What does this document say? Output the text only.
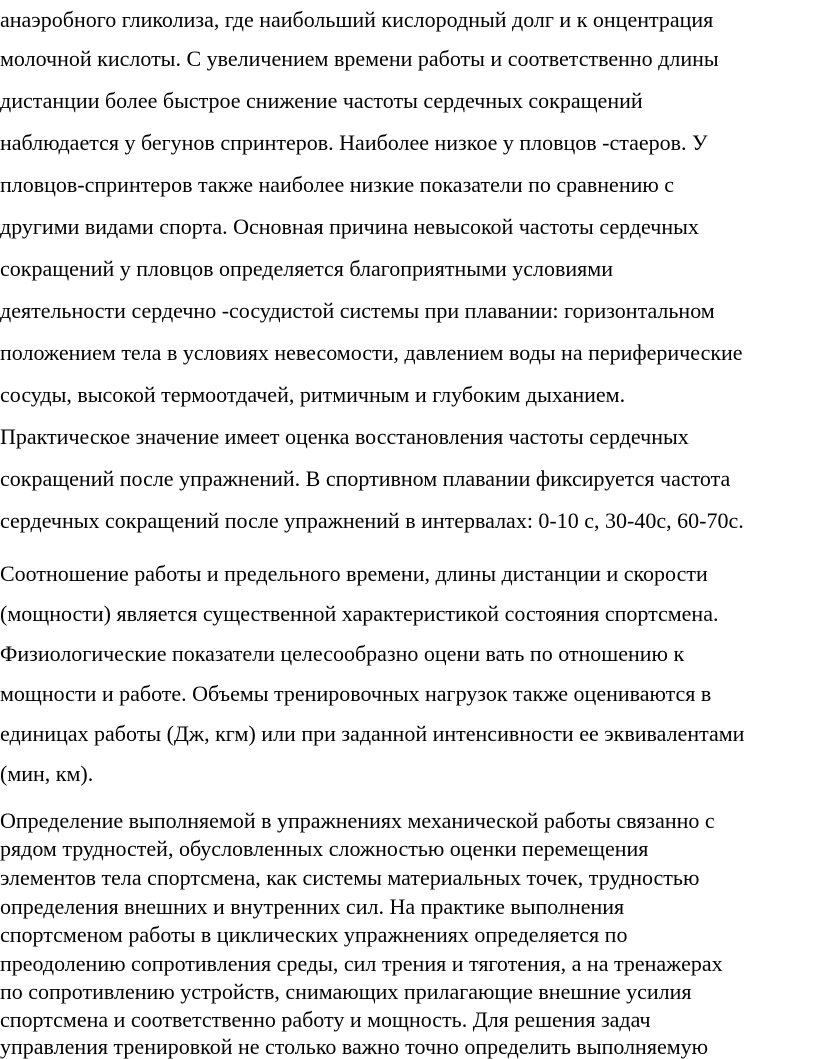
анаэробного гликолиза, где наибольший кислородный долг и к онцентрация
молочной кислоты. С увеличением времени работы и соответственно длины
дистанции более быстрое снижение частоты сердечных сокращений
наблюдается у бегунов спринтеров. Наиболее низкое у пловцов -стаеров. У
пловцов-спринтеров также наиболее низкие показатели по сравнению с
другими видами спорта. Основная причина невысокой частоты сердечных
сокращений у пловцов определяется благоприятными условиями
деятельности сердечно -сосудистой системы при плавании: горизонтальном
положением тела в условиях невесомости, давлением воды на периферические
сосуды, высокой термоотдачей, ритмичным и глубоким дыханием.
Практическое значение имеет оценка восстановления частоты сердечных
сокращений после упражнений. В спортивном плавании фиксируется частота
сердечных сокращений после упражнений в интервалах: 0-10 с, 30-40с, 60-70с.
Соотношение работы и предельного времени, длины дистанции и скорости
(мощности) является существенной характеристикой состояния спортсмена.
Физиологические показатели целесообразно оцени вать по отношению к
мощности и работе. Объемы тренировочных нагрузок также оцениваются в
единицах работы (Дж, кгм) или при заданной интенсивности ее эквивалентами
(мин, км).
Определение выполняемой в упражнениях механической работы связанно с
рядом трудностей, обусловленных сложностью оценки перемещения
элементов тела спортсмена, как системы материальных точек, трудностью
определения внешних и внутренних сил. На практике выполнения
спортсменом работы в циклических упражнениях определяется по
преодолению сопротивления среды, сил трения и тяготения, а на тренажерах
по сопротивлению устройств, снимающих прилагающие внешние усилия
спортсмена и соответственно работу и мощность. Для решения задач
управления тренировкой не столько важно точно определить выполняемую
